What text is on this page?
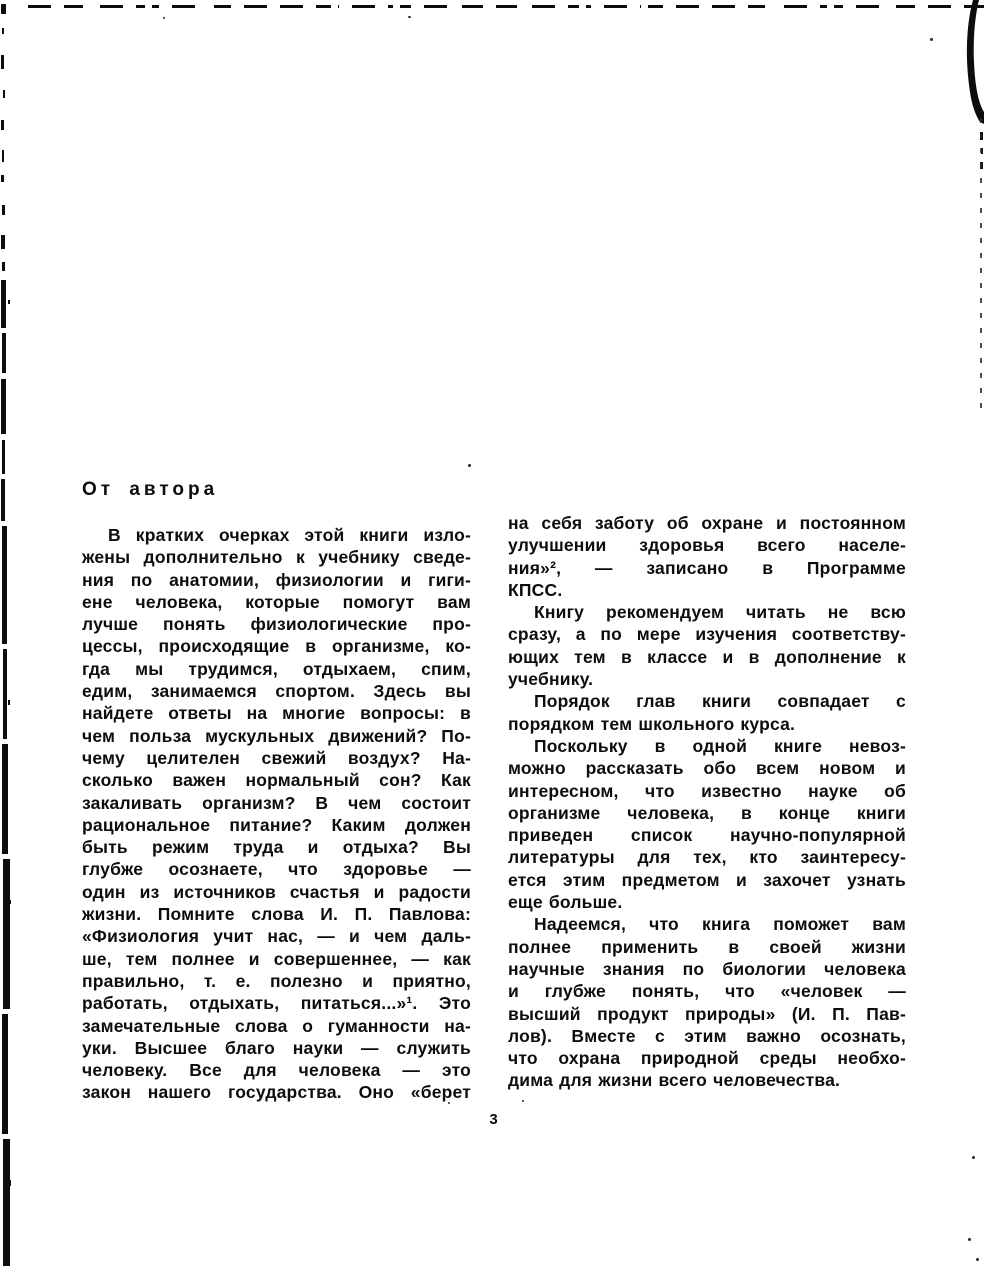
От автора
В кратких очерках этой книги изло-
жены дополнительно к учебнику сведе-
ния по анатомии, физиологии и гиги-
ене человека, которые помогут вам
лучше понять физиологические про-
цессы, происходящие в организме, ко-
гда мы трудимся, отдыхаем, спим,
едим, занимаемся спортом. Здесь вы
найдете ответы на многие вопросы: в
чем польза мускульных движений? По-
чему целителен свежий воздух? На-
сколько важен нормальный сон? Как
закаливать организм? В чем состоит
рациональное питание? Каким должен
быть режим труда и отдыха? Вы
глубже осознаете, что здоровье —
один из источников счастья и радости
жизни. Помните слова И. П. Павлова:
«Физиология учит нас, — и чем даль-
ше, тем полнее и совершеннее, — как
правильно, т. е. полезно и приятно,
работать, отдыхать, питаться...»¹. Это
замечательные слова о гуманности на-
уки. Высшее благо науки — служить
человеку. Все для человека — это
закон нашего государства. Оно «берет
на себя заботу об охране и постоянном
улучшении здоровья всего населе-
ния»², — записано в Программе
КПСС.
Книгу рекомендуем читать не всю
сразу, а по мере изучения соответству-
ющих тем в классе и в дополнение к
учебнику.
Порядок глав книги совпадает с
порядком тем школьного курса.
Поскольку в одной книге невоз-
можно рассказать обо всем новом и
интересном, что известно науке об
организме человека, в конце книги
приведен список научно-популярной
литературы для тех, кто заинтересу-
ется этим предметом и захочет узнать
еще больше.
Надеемся, что книга поможет вам
полнее применить в своей жизни
научные знания по биологии человека
и глубже понять, что «человек —
высший продукт природы» (И. П. Пав-
лов). Вместе с этим важно осознать,
что охрана природной среды необхо-
дима для жизни всего человечества.
3
